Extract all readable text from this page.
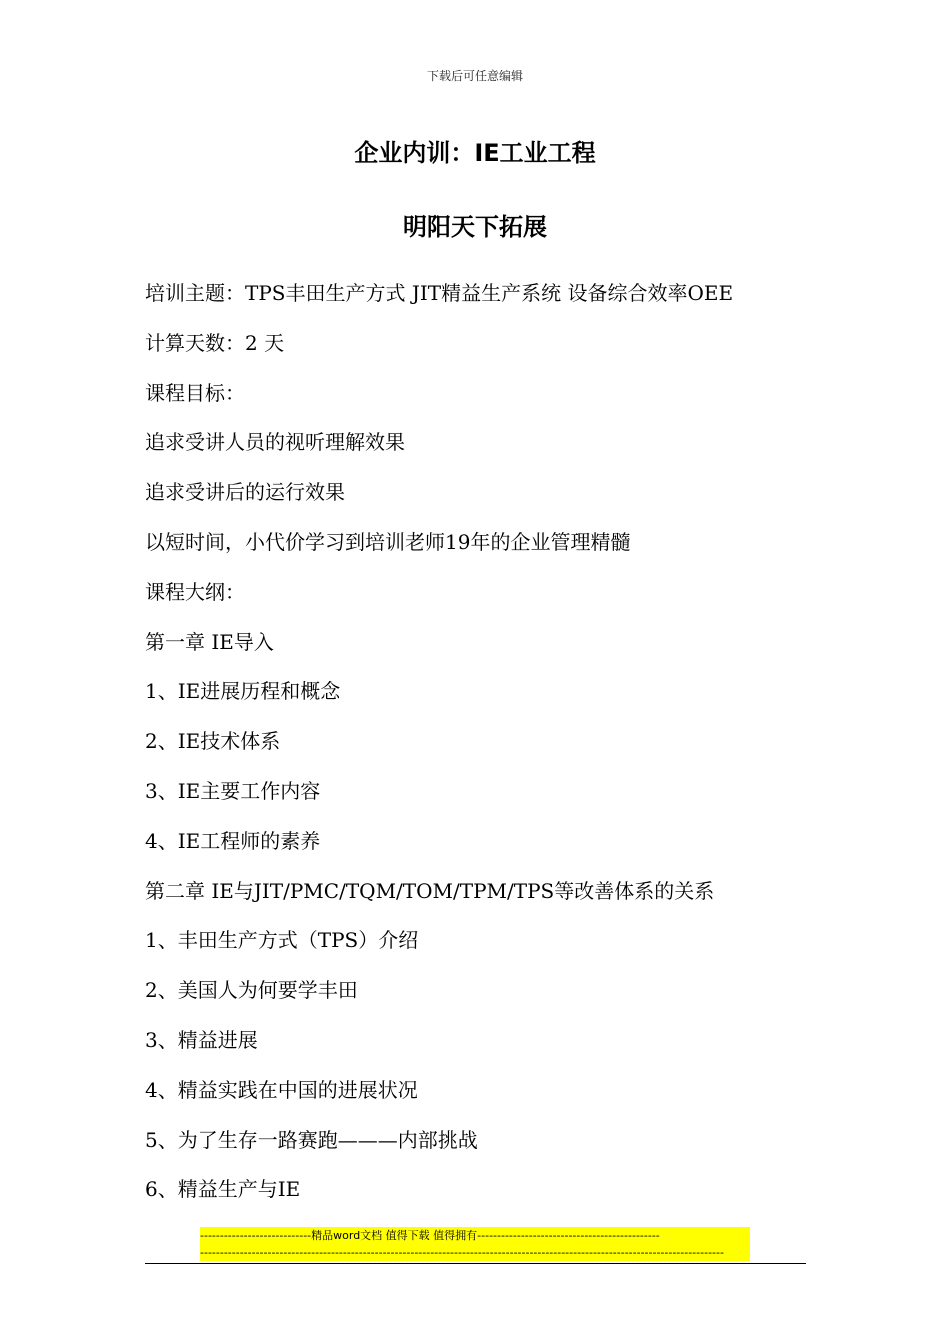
下载后可任意编辑
企业内训：IE工业工程
明阳天下拓展
培训主题：TPS丰田生产方式 JIT精益生产系统 设备综合效率OEE
计算天数：2 天
课程目标：
追求受讲人员的视听理解效果
追求受讲后的运行效果
以短时间，小代价学习到培训老师19年的企业管理精髓
课程大纲：
第一章 IE导入
1、IE进展历程和概念
2、IE技术体系
3、IE主要工作内容
4、IE工程师的素养
第二章 IE与JIT/PMC/TQM/TOM/TPM/TPS等改善体系的关系
1、丰田生产方式（TPS）介绍
2、美国人为何要学丰田
3、精益进展
4、精益实践在中国的进展状况
5、为了生存一路赛跑———内部挑战
6、精益生产与IE
----------------------------精品word文档 值得下载 值得拥有----------------------------------------------
------------------------------------------------------------------------------------------------------------------------------------
